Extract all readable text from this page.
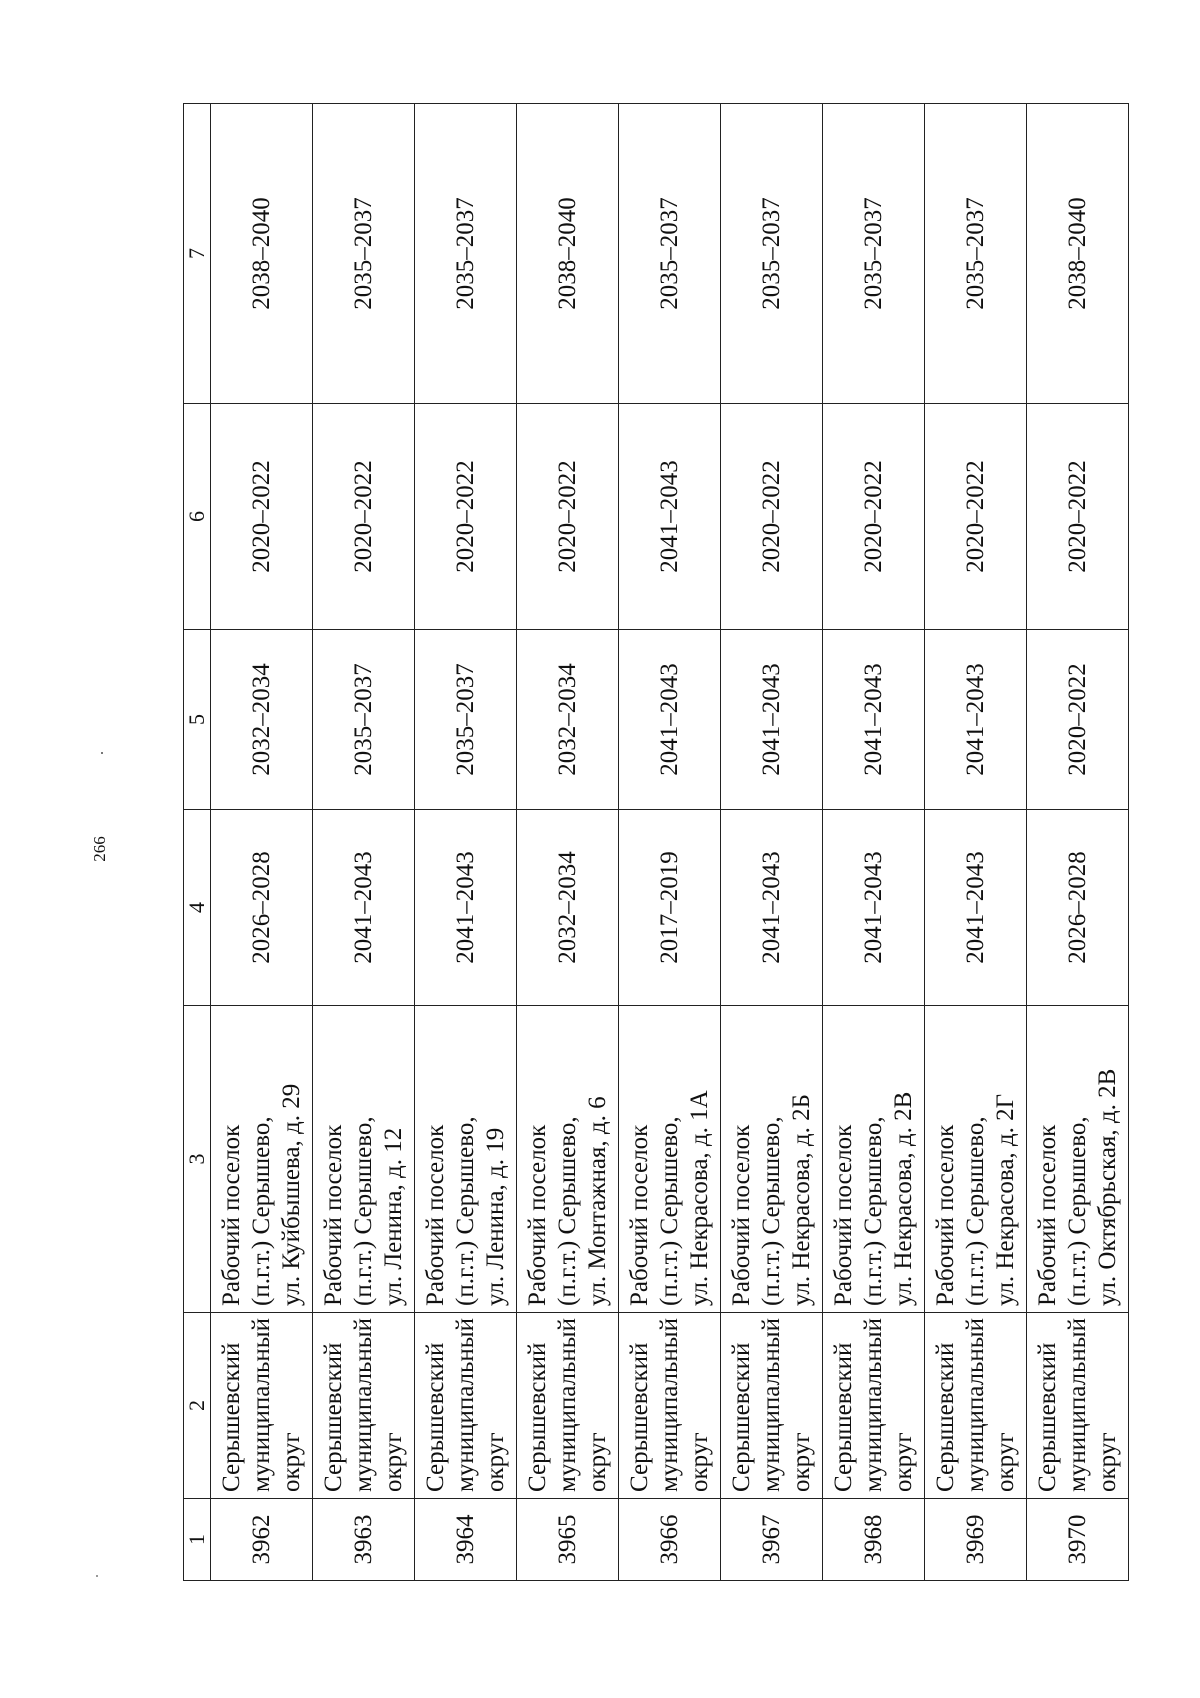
266
1	2	3	4	5	6	7
3962	Серышевский
муниципальный
округ	Рабочий поселок
(п.г.т.) Серышево,
ул. Куйбышева, д. 29	2026–2028	2032–2034	2020–2022	2038–2040
3963	Серышевский
муниципальный
округ	Рабочий поселок
(п.г.т.) Серышево,
ул. Ленина, д. 12	2041–2043	2035–2037	2020–2022	2035–2037
3964	Серышевский
муниципальный
округ	Рабочий поселок
(п.г.т.) Серышево,
ул. Ленина, д. 19	2041–2043	2035–2037	2020–2022	2035–2037
3965	Серышевский
муниципальный
округ	Рабочий поселок
(п.г.т.) Серышево,
ул. Монтажная, д. 6	2032–2034	2032–2034	2020–2022	2038–2040
3966	Серышевский
муниципальный
округ	Рабочий поселок
(п.г.т.) Серышево,
ул. Некрасова, д. 1А	2017–2019	2041–2043	2041–2043	2035–2037
3967	Серышевский
муниципальный
округ	Рабочий поселок
(п.г.т.) Серышево,
ул. Некрасова, д. 2Б	2041–2043	2041–2043	2020–2022	2035–2037
3968	Серышевский
муниципальный
округ	Рабочий поселок
(п.г.т.) Серышево,
ул. Некрасова, д. 2В	2041–2043	2041–2043	2020–2022	2035–2037
3969	Серышевский
муниципальный
округ	Рабочий поселок
(п.г.т.) Серышево,
ул. Некрасова, д. 2Г	2041–2043	2041–2043	2020–2022	2035–2037
3970	Серышевский
муниципальный
округ	Рабочий поселок
(п.г.т.) Серышево,
ул. Октябрьская, д. 2В	2026–2028	2020–2022	2020–2022	2038–2040
